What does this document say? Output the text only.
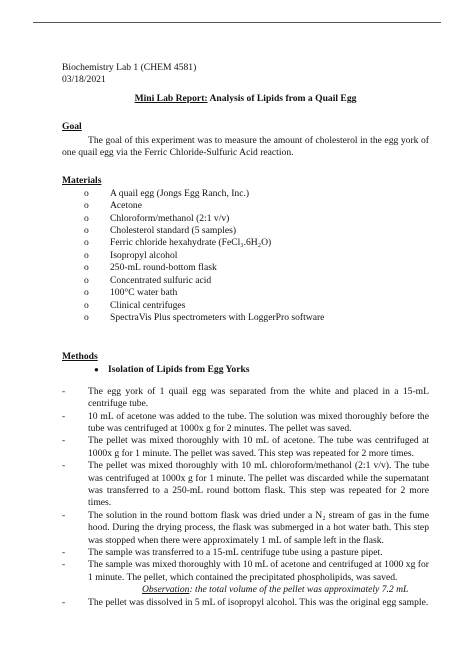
Biochemistry Lab 1 (CHEM 4581)

03/18/2021

Mini Lab Report: Analysis of Lipids from a Quail Egg

Goal

The goal of this experiment was to measure the amount of cholesterol in the egg york of one quail egg via the Ferric Chloride-Sulfuric Acid reaction.

Materials

o A quail egg (Jongs Egg Ranch, Inc.)
o Acetone
o Chloroform/methanol (2:1 v/v)
o Cholesterol standard (5 samples)
o Ferric chloride hexahydrate (FeCl₃.6H₂O)
o Isopropyl alcohol
o 250-mL round-bottom flask
o Concentrated sulfuric acid
o 100°C water bath
o Clinical centrifuges
o SpectraVis Plus spectrometers with LoggerPro software

Methods

● Isolation of Lipids from Egg Yorks

- The egg york of 1 quail egg was separated from the white and placed in a 15-mL centrifuge tube.
- 10 mL of acetone was added to the tube. The solution was mixed thoroughly before the tube was centrifuged at 1000x g for 2 minutes. The pellet was saved.
- The pellet was mixed thoroughly with 10 mL of acetone. The tube was centrifuged at 1000x g for 1 minute. The pellet was saved. This step was repeated for 2 more times.
- The pellet was mixed thoroughly with 10 mL chloroform/methanol (2:1 v/v). The tube was centrifuged at 1000x g for 1 minute. The pellet was discarded while the supernatant was transferred to a 250-mL round bottom flask. This step was repeated for 2 more times.
- The solution in the round bottom flask was dried under a N₂ stream of gas in the fume hood. During the drying process, the flask was submerged in a hot water bath. This step was stopped when there were approximately 1 mL of sample left in the flask.
- The sample was transferred to a 15-mL centrifuge tube using a pasture pipet.
- The sample was mixed thoroughly with 10 mL of acetone and centrifuged at 1000 xg for 1 minute. The pellet, which contained the precipitated phospholipids, was saved.

Observation: the total volume of the pellet was approximately 7.2 mL

- The pellet was dissolved in 5 mL of isopropyl alcohol. This was the original egg sample.
